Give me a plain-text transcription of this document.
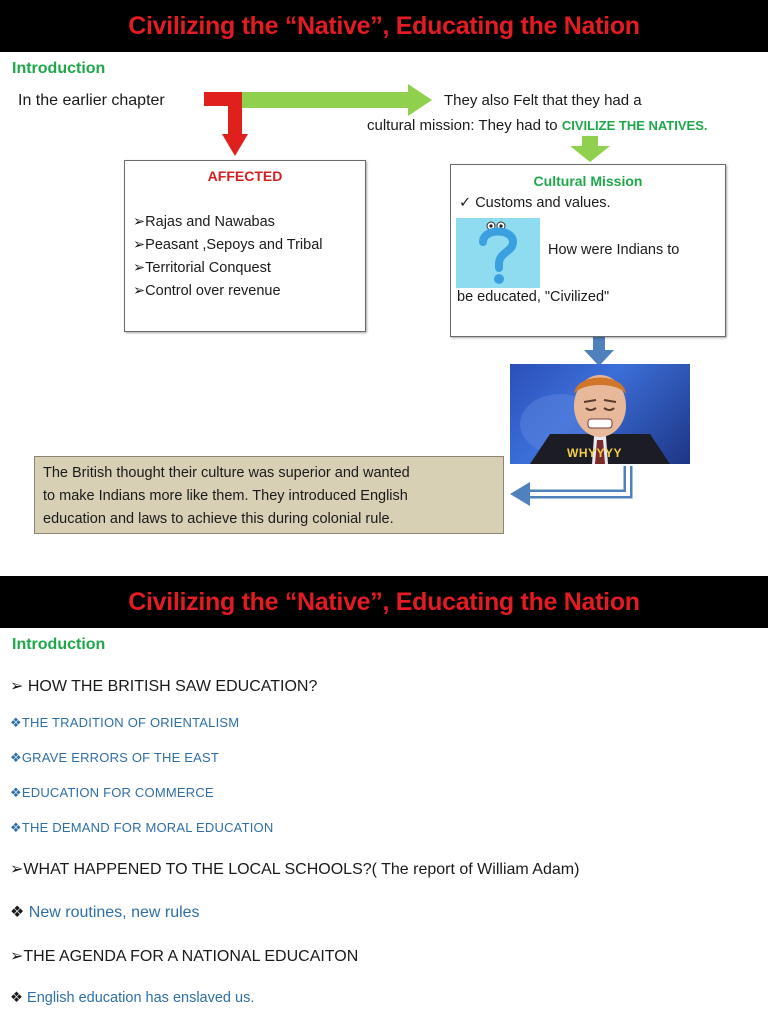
Civilizing the “Native”, Educating the Nation
Introduction
In the earlier chapter	They also Felt that they had a
cultural mission: They had to CIVILIZE THE NATIVES.
AFFECTED
➢Rajas and Nawabas
➢Peasant ,Sepoys and Tribal
➢Territorial Conquest
➢Control over revenue
Cultural Mission
✓ Customs and values.
How were Indians to
be educated, "Civilized"
WHYYYY
The British thought their culture was superior and wanted
to make Indians more like them. They introduced English
education and laws to achieve this during colonial rule.
Civilizing the “Native”, Educating the Nation
Introduction
➢ HOW THE BRITISH SAW EDUCATION?
❖THE TRADITION OF ORIENTALISM
❖GRAVE ERRORS OF THE EAST
❖EDUCATION FOR COMMERCE
❖THE DEMAND FOR MORAL EDUCATION
➢WHAT HAPPENED TO THE LOCAL SCHOOLS?( The report of William Adam)
❖ New routines, new rules
➢THE AGENDA FOR A NATIONAL EDUCAITON
❖ English education has enslaved us.
